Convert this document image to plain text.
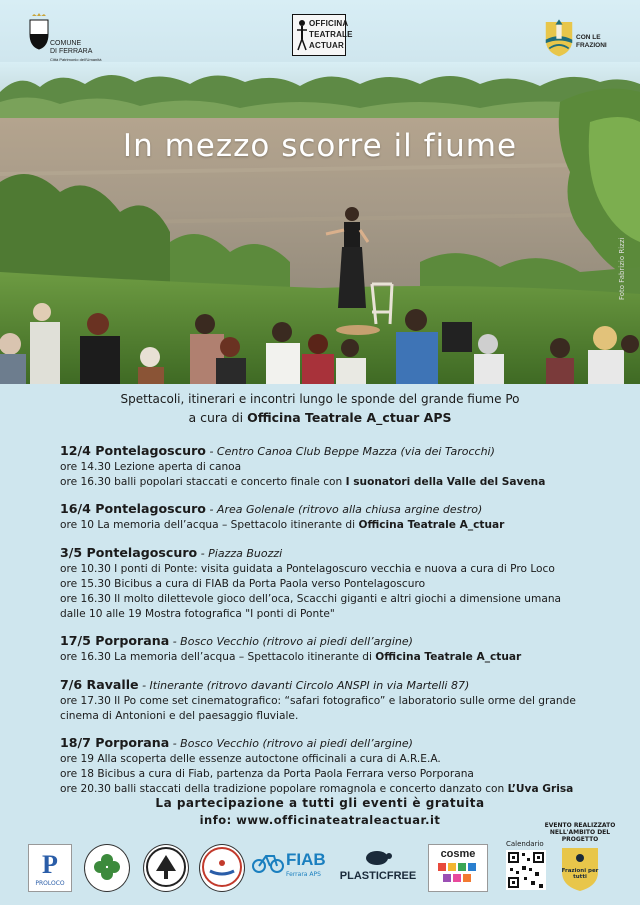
COMUNE
DI FERRARA
Città Patrimonio dell'Umanità
OFFICINA
TEATRALE
ACTUAR
CON LE
FRAZIONI
In mezzo scorre il fiume
Foto Fabrizio Rizzi
Spettacoli, itinerari e incontri lungo le sponde del grande fiume Po
a cura di Officina Teatrale A_ctuar APS
12/4 Pontelagoscuro - Centro Canoa Club Beppe Mazza (via dei Tarocchi)
ore 14.30 Lezione aperta di canoa
ore 16.30 balli popolari staccati e concerto finale con I suonatori della Valle del Savena
16/4 Pontelagoscuro - Area Golenale (ritrovo alla chiusa argine destro)
ore 10 La memoria dell’acqua – Spettacolo itinerante di Officina Teatrale A_ctuar
3/5 Pontelagoscuro - Piazza Buozzi
ore 10.30 I ponti di Ponte: visita guidata a Pontelagoscuro vecchia e nuova a cura di Pro Loco
ore 15.30 Bicibus a cura di FIAB da Porta Paola verso Pontelagoscuro
ore 16.30 Il molto dilettevole gioco dell’oca, Scacchi giganti e altri giochi a dimensione umana
dalle 10 alle 19 Mostra fotografica "I ponti di Ponte"
17/5 Porporana - Bosco Vecchio (ritrovo ai piedi dell’argine)
ore 16.30 La memoria dell’acqua – Spettacolo itinerante di Officina Teatrale A_ctuar
7/6 Ravalle - Itinerante (ritrovo davanti Circolo ANSPI in via Martelli 87)
ore 17.30 Il Po come set cinematografico: “safari fotografico” e laboratorio sulle orme del grande cinema di Antonioni e del paesaggio fluviale.
18/7 Porporana - Bosco Vecchio (ritrovo ai piedi dell’argine)
ore 19 Alla scoperta delle essenze autoctone officinali a cura di A.R.E.A.
ore 18 Bicibus a cura di Fiab, partenza da Porta Paola Ferrara verso Porporana
ore 20.30 balli staccati della tradizione popolare romagnola e concerto danzato con L’Uva Grisa
La partecipazione a tutti gli eventi è gratuita
info: www.officinateatraleactuar.it
P
PROLOCO
FIAB
Ferrara APS PLASTICFREE
cosme
Calendario
EVENTO REALIZZATO NELL'AMBITO DEL PROGETTO
Frazioni per tutti
